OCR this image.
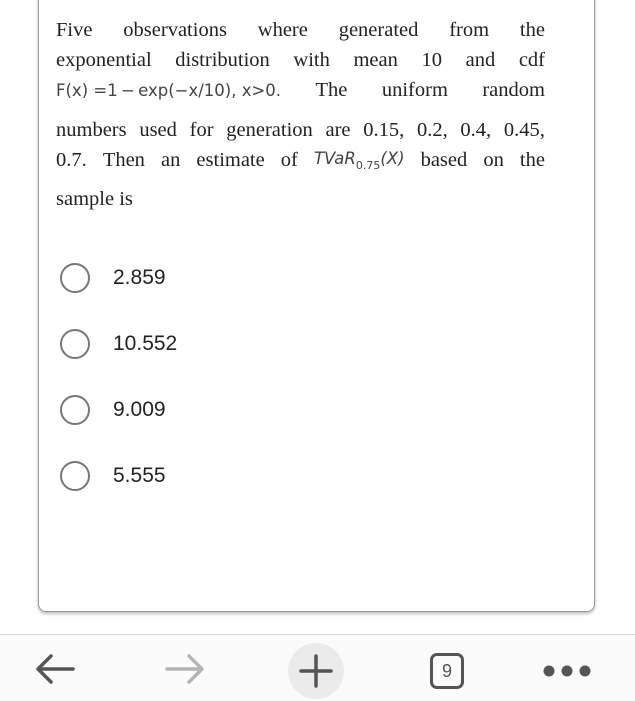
Five observations where generated from the
exponential distribution with mean 10 and cdf
F(x) =1 − exp(−x/10), x>0. The uniform random
numbers used for generation are 0.15, 0.2, 0.4, 0.45,
0.7. Then an estimate of TVaR$_{0.75}$(X) based on the
sample is
2.859
10.552
9.009
5.555
9
